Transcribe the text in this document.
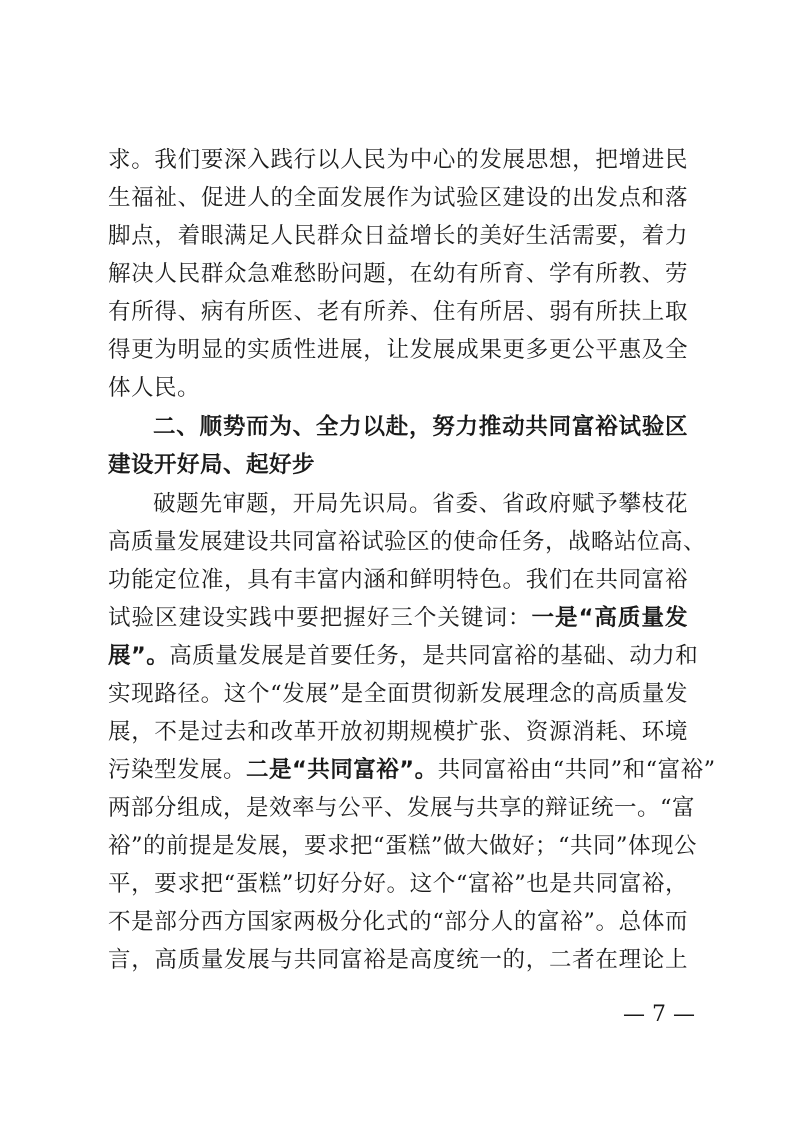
求。我们要深入践行以人民为中心的发展思想，把增进民
生福祉、促进人的全面发展作为试验区建设的出发点和落
脚点，着眼满足人民群众日益增长的美好生活需要，着力
解决人民群众急难愁盼问题，在幼有所育、学有所教、劳
有所得、病有所医、老有所养、住有所居、弱有所扶上取
得更为明显的实质性进展，让发展成果更多更公平惠及全
体人民。
二、顺势而为、全力以赴，努力推动共同富裕试验区
建设开好局、起好步
破题先审题，开局先识局。省委、省政府赋予攀枝花
高质量发展建设共同富裕试验区的使命任务，战略站位高、
功能定位准，具有丰富内涵和鲜明特色。我们在共同富裕
试验区建设实践中要把握好三个关键词：一是“高质量发
展”。高质量发展是首要任务，是共同富裕的基础、动力和
实现路径。这个“发展”是全面贯彻新发展理念的高质量发
展，不是过去和改革开放初期规模扩张、资源消耗、环境
污染型发展。二是“共同富裕”。共同富裕由“共同”和“富裕”
两部分组成，是效率与公平、发展与共享的辩证统一。“富
裕”的前提是发展，要求把“蛋糕”做大做好；“共同”体现公
平，要求把“蛋糕”切好分好。这个“富裕”也是共同富裕，
不是部分西方国家两极分化式的“部分人的富裕”。总体而
言，高质量发展与共同富裕是高度统一的，二者在理论上
— 7 —
